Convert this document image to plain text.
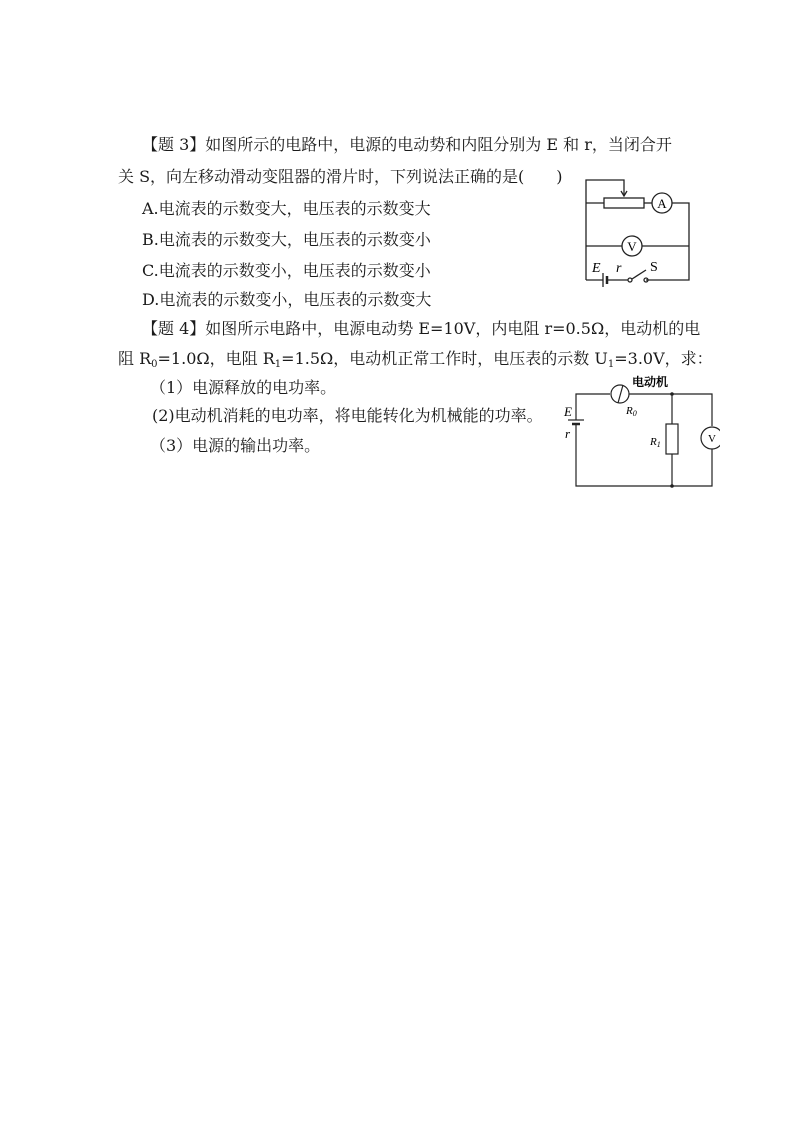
【题 3】如图所示的电路中，电源的电动势和内阻分别为 E 和 r，当闭合开
关 S，向左移动滑动变阻器的滑片时，下列说法正确的是(　　)
A.电流表的示数变大，电压表的示数变大
B.电流表的示数变大，电压表的示数变小
C.电流表的示数变小，电压表的示数变小
D.电流表的示数变小，电压表的示数变大
A
V
E r S
【题 4】如图所示电路中，电源电动势 E=10V，内电阻 r=0.5Ω，电动机的电
阻 $R_0=1.0\Omega$，电阻 $R_1=1.5\Omega$，电动机正常工作时，电压表的示数 $U_1=3.0V$，求：
（1）电源释放的电功率。
(2)电动机消耗的电功率，将电能转化为机械能的功率。
（3）电源的输出功率。
电动机
R0
R1	V
E
r
